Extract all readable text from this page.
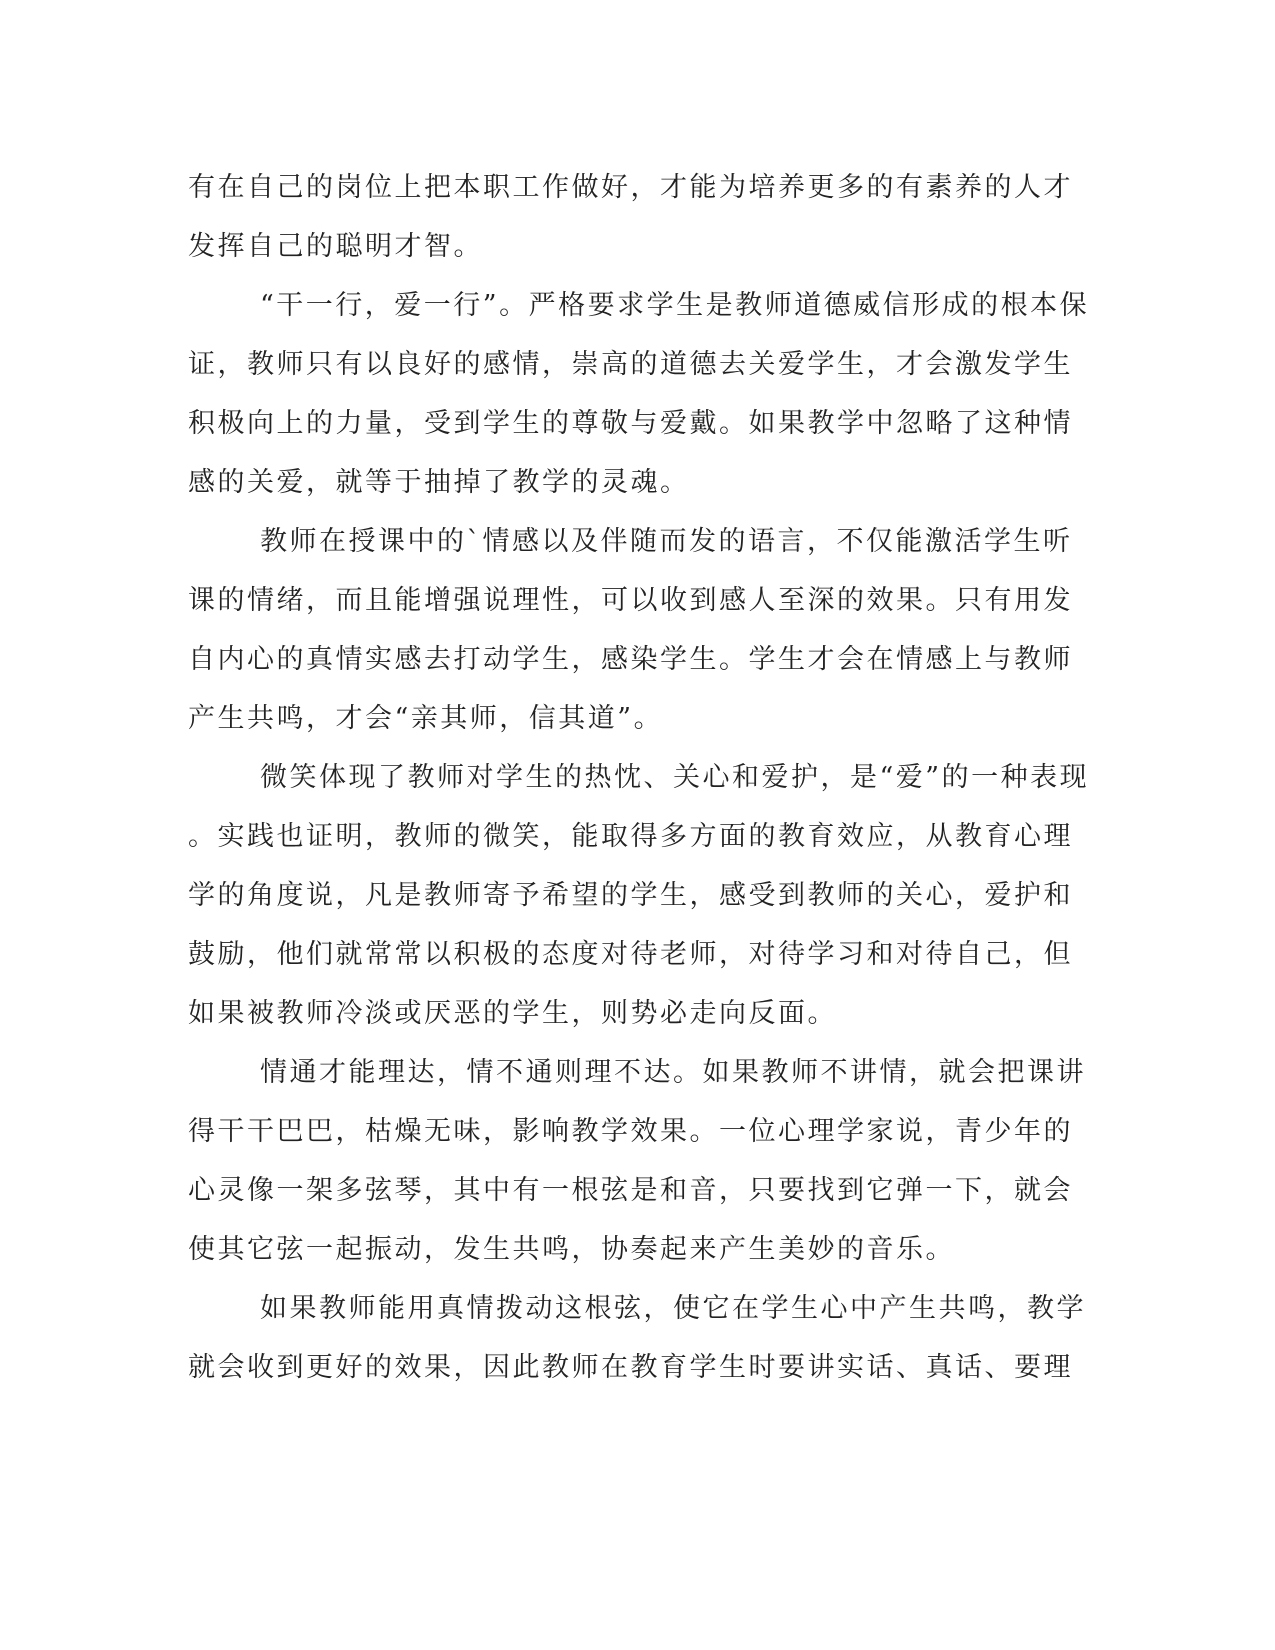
有在自己的岗位上把本职工作做好，才能为培养更多的有素养的人才
发挥自己的聪明才智。
“干一行，爱一行”。严格要求学生是教师道德威信形成的根本保
证，教师只有以良好的感情，崇高的道德去关爱学生，才会激发学生
积极向上的力量，受到学生的尊敬与爱戴。如果教学中忽略了这种情
感的关爱，就等于抽掉了教学的灵魂。
教师在授课中的`情感以及伴随而发的语言，不仅能激活学生听
课的情绪，而且能增强说理性，可以收到感人至深的效果。只有用发
自内心的真情实感去打动学生，感染学生。学生才会在情感上与教师
产生共鸣，才会“亲其师，信其道”。
微笑体现了教师对学生的热忱、关心和爱护，是“爱”的一种表现
。实践也证明，教师的微笑，能取得多方面的教育效应，从教育心理
学的角度说，凡是教师寄予希望的学生，感受到教师的关心，爱护和
鼓励，他们就常常以积极的态度对待老师，对待学习和对待自己，但
如果被教师冷淡或厌恶的学生，则势必走向反面。
情通才能理达，情不通则理不达。如果教师不讲情，就会把课讲
得干干巴巴，枯燥无味，影响教学效果。一位心理学家说，青少年的
心灵像一架多弦琴，其中有一根弦是和音，只要找到它弹一下，就会
使其它弦一起振动，发生共鸣，协奏起来产生美妙的音乐。
如果教师能用真情拨动这根弦，使它在学生心中产生共鸣，教学
就会收到更好的效果，因此教师在教育学生时要讲实话、真话、要理
